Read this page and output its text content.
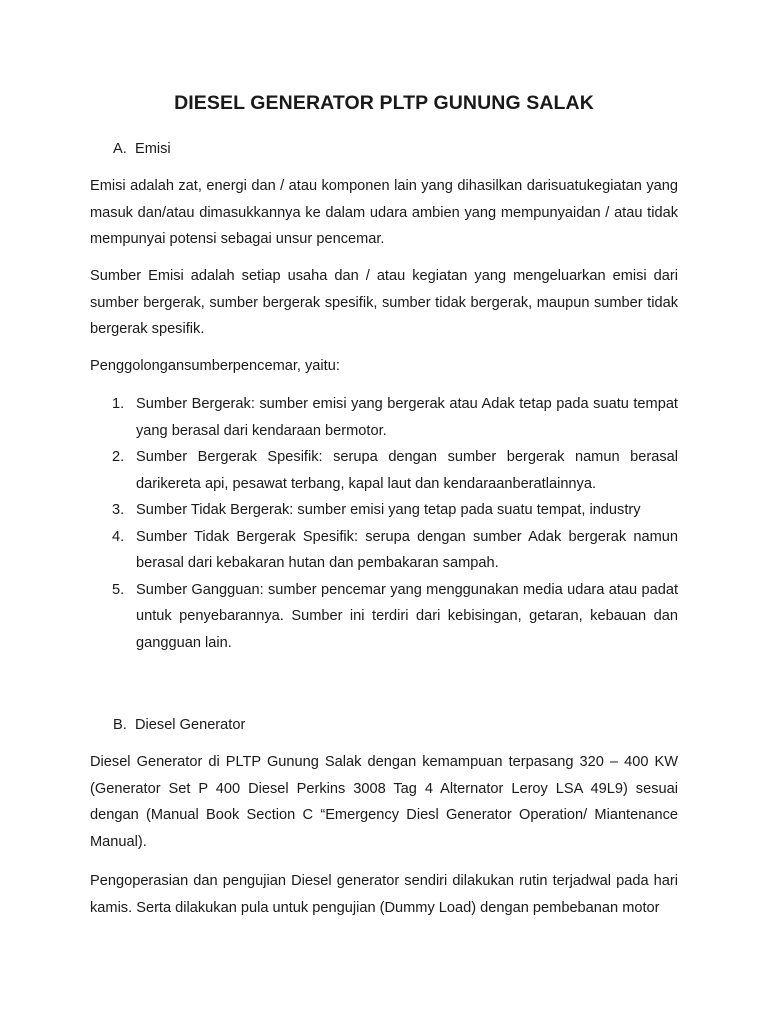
DIESEL GENERATOR PLTP GUNUNG SALAK

A. Emisi

Emisi adalah zat, energi dan / atau komponen lain yang dihasilkan darisuatukegiatan yang masuk dan/atau dimasukkannya ke dalam udara ambien yang mempunyaidan / atau tidak mempunyai potensi sebagai unsur pencemar.

Sumber Emisi adalah setiap usaha dan / atau kegiatan yang mengeluarkan emisi dari sumber bergerak, sumber bergerak spesifik, sumber tidak bergerak, maupun sumber tidak bergerak spesifik.

Penggolongansumberpencemar, yaitu:

1. Sumber Bergerak: sumber emisi yang bergerak atau Adak tetap pada suatu tempat yang berasal dari kendaraan bermotor.
2. Sumber Bergerak Spesifik: serupa dengan sumber bergerak namun berasal darikereta api, pesawat terbang, kapal laut dan kendaraanberatlainnya.
3. Sumber Tidak Bergerak: sumber emisi yang tetap pada suatu tempat, industry
4. Sumber Tidak Bergerak Spesifik: serupa dengan sumber Adak bergerak namun berasal dari kebakaran hutan dan pembakaran sampah.
5. Sumber Gangguan: sumber pencemar yang menggunakan media udara atau padat untuk penyebarannya. Sumber ini terdiri dari kebisingan, getaran, kebauan dan gangguan lain.

B. Diesel Generator

Diesel Generator di PLTP Gunung Salak dengan kemampuan terpasang 320 – 400 KW (Generator Set P 400 Diesel Perkins 3008 Tag 4 Alternator Leroy LSA 49L9) sesuai dengan (Manual Book Section C “Emergency Diesl Generator Operation/ Miantenance Manual).

Pengoperasian dan pengujian Diesel generator sendiri dilakukan rutin terjadwal pada hari kamis. Serta dilakukan pula untuk pengujian (Dummy Load) dengan pembebanan motor
